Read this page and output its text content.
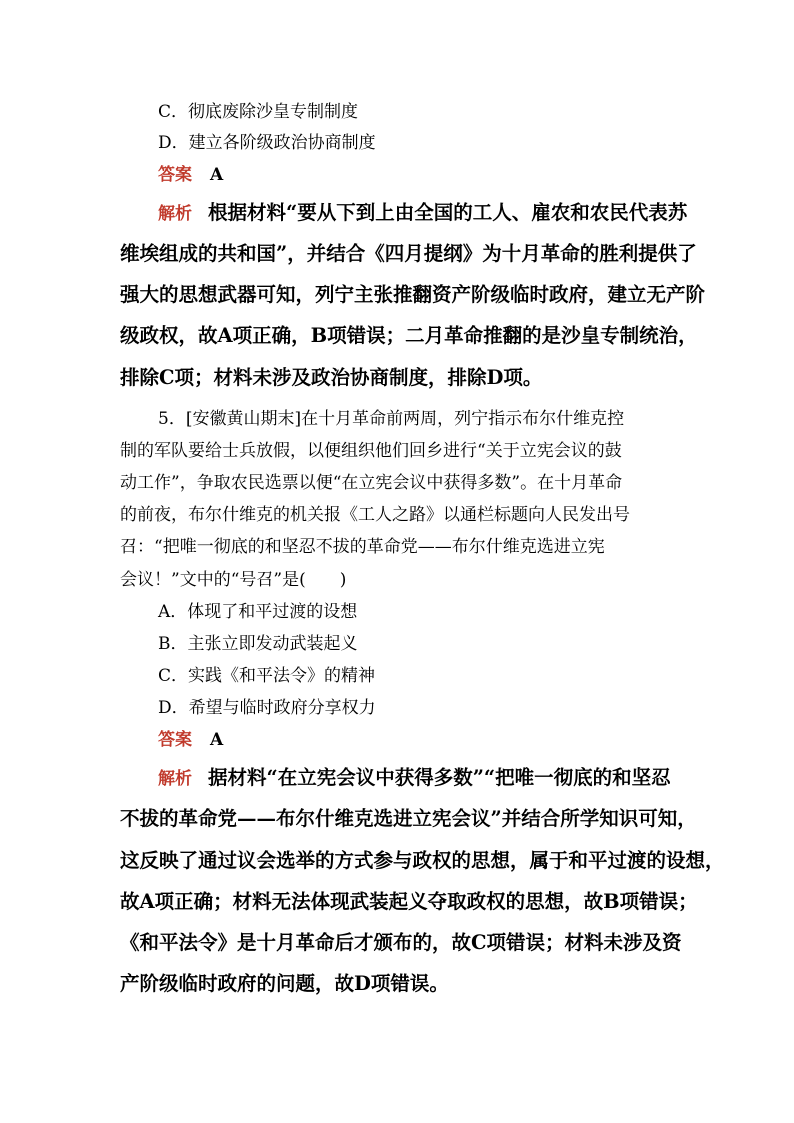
C．彻底废除沙皇专制制度
D．建立各阶级政治协商制度
答案 A
解析 根据材料“要从下到上由全国的工人、雇农和农民代表苏
维埃组成的共和国”，并结合《四月提纲》为十月革命的胜利提供了
强大的思想武器可知，列宁主张推翻资产阶级临时政府，建立无产阶
级政权，故A项正确，B项错误；二月革命推翻的是沙皇专制统治，
排除C项；材料未涉及政治协商制度，排除D项。
5．[安徽黄山期末]在十月革命前两周，列宁指示布尔什维克控
制的军队要给士兵放假，以便组织他们回乡进行“关于立宪会议的鼓
动工作”，争取农民选票以便“在立宪会议中获得多数”。在十月革命
的前夜，布尔什维克的机关报《工人之路》以通栏标题向人民发出号
召：“把唯一彻底的和坚忍不拔的革命党——布尔什维克选进立宪
会议！”文中的“号召”是(　　)
A．体现了和平过渡的设想
B．主张立即发动武装起义
C．实践《和平法令》的精神
D．希望与临时政府分享权力
答案 A
解析 据材料“在立宪会议中获得多数”“把唯一彻底的和坚忍
不拔的革命党——布尔什维克选进立宪会议”并结合所学知识可知，
这反映了通过议会选举的方式参与政权的思想，属于和平过渡的设想，
故A项正确；材料无法体现武装起义夺取政权的思想，故B项错误；
《和平法令》是十月革命后才颁布的，故C项错误；材料未涉及资
产阶级临时政府的问题，故D项错误。
